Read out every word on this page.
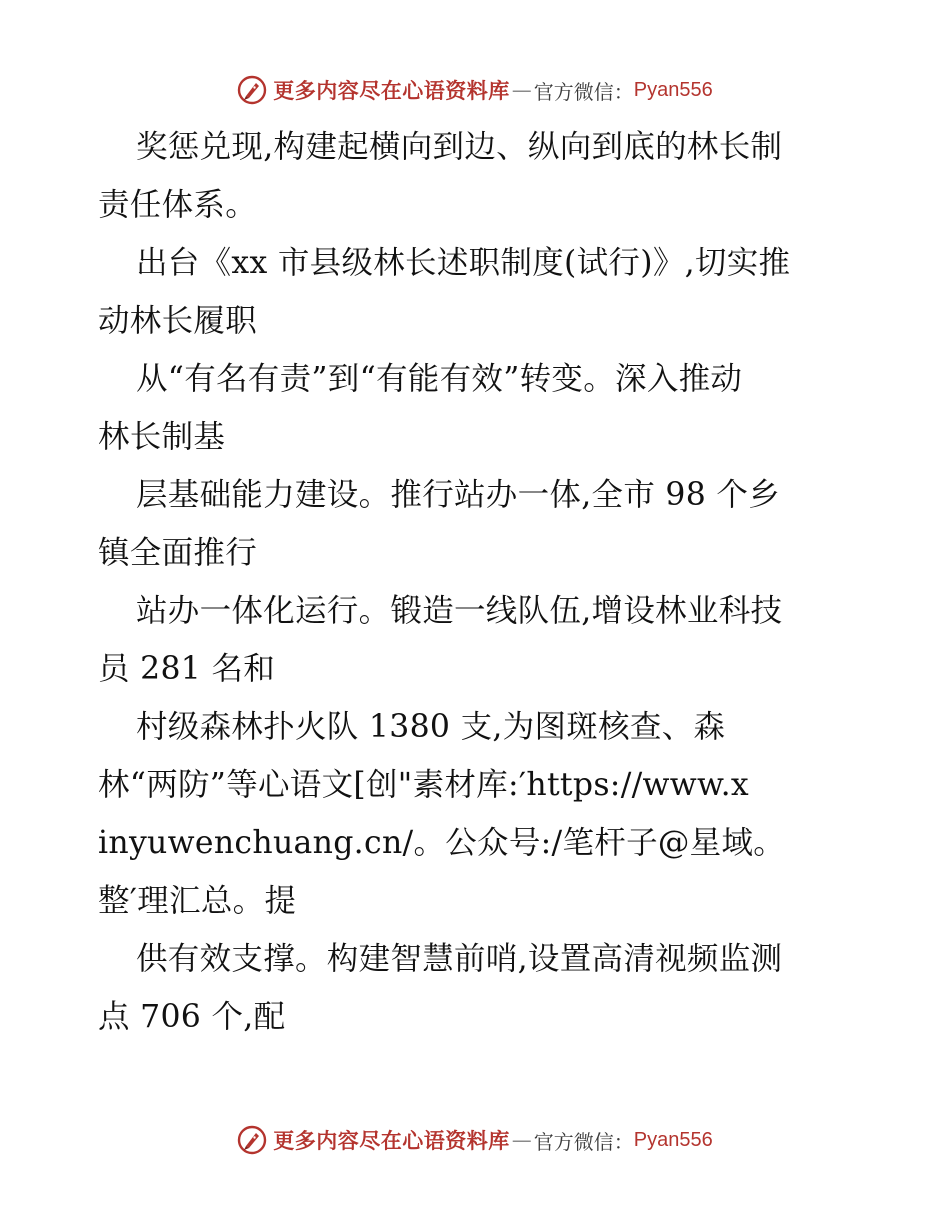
更多内容尽在心语资料库 — 官方微信： Pyan556
奖惩兑现,构建起横向到边、纵向到底的林长制
责任体系。
出台《xx 市县级林长述职制度(试行)》,切实推
动林长履职
从“有名有责”到“有能有效”转变。深入推动
林长制基
层基础能力建设。推行站办一体,全市 98 个乡
镇全面推行
站办一体化运行。锻造一线队伍,增设林业科技
员 281 名和
村级森林扑火队 1380 支,为图斑核查、森
林“两防”等心语文[创"素材库:′https://www.x
inyuwenchuang.cn/。公众号:/笔杆子@星域。
整′理汇总。提
供有效支撑。构建智慧前哨,设置高清视频监测
点 706 个,配
更多内容尽在心语资料库 — 官方微信： Pyan556
